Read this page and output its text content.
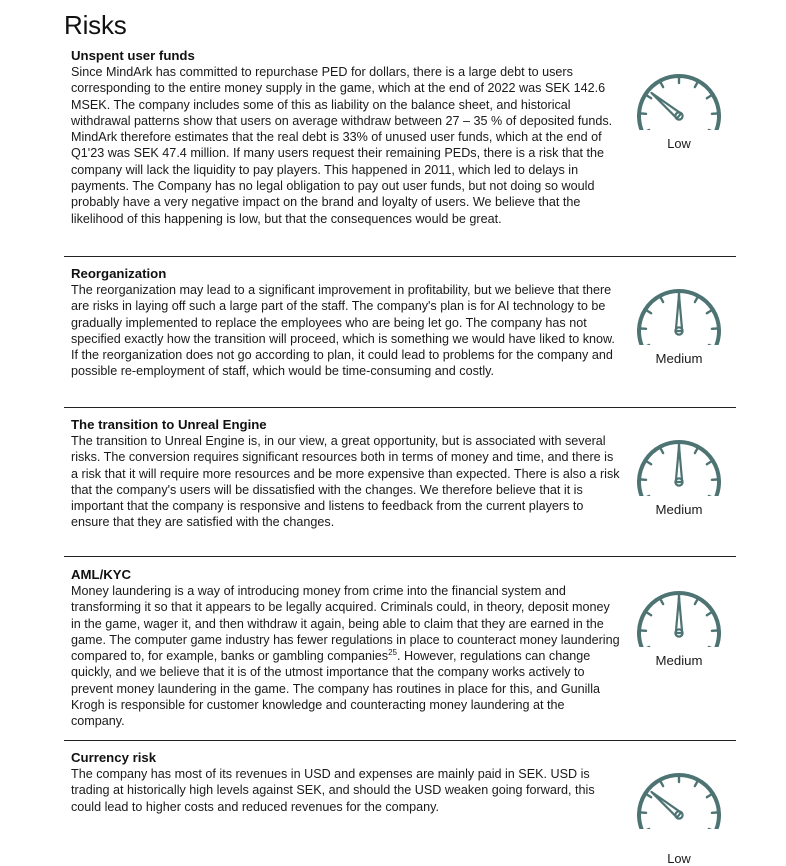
Risks
Unspent user funds

Since MindArk has committed to repurchase PED for dollars, there is a large debt to users corresponding to the entire money supply in the game, which at the end of 2022 was SEK 142.6 MSEK. The company includes some of this as liability on the balance sheet, and historical withdrawal patterns show that users on average withdraw between 27 – 35 % of deposited funds. MindArk therefore estimates that the real debt is 33% of unused user funds, which at the end of Q1'23 was SEK 47.4 million. If many users request their remaining PEDs, there is a risk that the company will lack the liquidity to pay players. This happened in 2011, which led to delays in payments. The Company has no legal obligation to pay out user funds, but not doing so would probably have a very negative impact on the brand and loyalty of users. We believe that the likelihood of this happening is low, but that the consequences would be great.

Low
Reorganization

The reorganization may lead to a significant improvement in profitability, but we believe that there are risks in laying off such a large part of the staff. The company's plan is for AI technology to be gradually implemented to replace the employees who are being let go. The company has not specified exactly how the transition will proceed, which is something we would have liked to know. If the reorganization does not go according to plan, it could lead to problems for the company and possible re-employment of staff, which would be time-consuming and costly.

Medium
The transition to Unreal Engine

The transition to Unreal Engine is, in our view, a great opportunity, but is associated with several risks. The conversion requires significant resources both in terms of money and time, and there is a risk that it will require more resources and be more expensive than expected. There is also a risk that the company's users will be dissatisfied with the changes. We therefore believe that it is important that the company is responsive and listens to feedback from the current players to ensure that they are satisfied with the changes.

Medium
AML/KYC

Money laundering is a way of introducing money from crime into the financial system and transforming it so that it appears to be legally acquired. Criminals could, in theory, deposit money in the game, wager it, and then withdraw it again, being able to claim that they are earned in the game. The computer game industry has fewer regulations in place to counteract money laundering compared to, for example, banks or gambling companies$^{25}$. However, regulations can change quickly, and we believe that it is of the utmost importance that the company works actively to prevent money laundering in the game. The company has routines in place for this, and Gunilla Krogh is responsible for customer knowledge and counteracting money laundering at the company.

Medium
Currency risk

The company has most of its revenues in USD and expenses are mainly paid in SEK. USD is trading at historically high levels against SEK, and should the USD weaken going forward, this could lead to higher costs and reduced revenues for the company.

Low
